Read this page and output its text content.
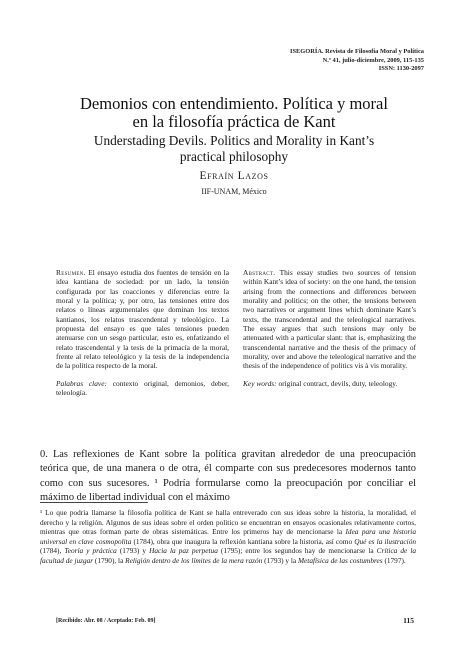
ISEGORÍA. Revista de Filosofía Moral y Política
N.º 41, julio-diciembre, 2009, 115-135
ISSN: 1130-2097
Demonios con entendimiento. Política y moral
en la filosofía práctica de Kant
Understading Devils. Politics and Morality in Kant’s
practical philosophy
Efraín Lazos
IIF-UNAM, México
Resumen. El ensayo estudia dos fuentes de tensión en la idea kantiana de sociedad: por un lado, la tensión configurada por las coacciones y diferencias entre la moral y la política; y, por otro, las tensiones entre dos relatos o líneas argumentales que dominan los textos kantianos, los relatos trascendental y teleológico. La propuesta del ensayo es que tales tensiones pueden atenuarse con un sesgo particular, esto es, enfatizando el relato trascendental y la tesis de la primacía de la moral, frente al relato teleológico y la tesis de la independencia de la política respecto de la moral.
Palabras clave: contexto original, demonios, deber, teleología.
Abstract. This essay studies two sources of tension within Kant’s idea of society: on the one hand, the tension arising from the connections and differences between morality and politics; on the other, the tensions between two narratives or argument lines which dominate Kant’s texts, the transcendental and the teleological narratives. The essay argues that such tensions may only be attenuated with a particular slant: that is, emphasizing the transcendental narrative and the thesis of the primacy of morality, over and above the teleological narrative and the thesis of the independence of politics vis à vis morality.
Key words: original contract, devils, duty, teleology.
0. Las reflexiones de Kant sobre la política gravitan alrededor de una preocupación teórica que, de una manera o de otra, él comparte con sus predecesores modernos tanto como con sus sucesores. ¹ Podría formularse como la preocupación por conciliar el máximo de libertad individual con el máximo
¹ Lo que podría llamarse la filosofía política de Kant se halla entreverado con sus ideas sobre la historia, la moralidad, el derecho y la religión. Algunos de sus ideas sobre el orden político se encuentran en ensayos ocasionales relativamente cortos, mientras que otras forman parte de obras sistemáticas. Entre los primeros hay de mencionarse la Idea para una historia universal en clave cosmopolita (1784), obra que inaugura la reflexión kantiana sobre la historia, así como Qué es la ilustración (1784), Teoría y práctica (1793) y Hacia la paz perpetua (1795); entre los segundos hay de mencionarse la Crítica de la facultad de juzgar (1790), la Religión dentro de los límites de la mera razón (1793) y la Metafísica de las costumbres (1797).
[Recibido: Abr. 08 / Aceptado: Feb. 09]	115
